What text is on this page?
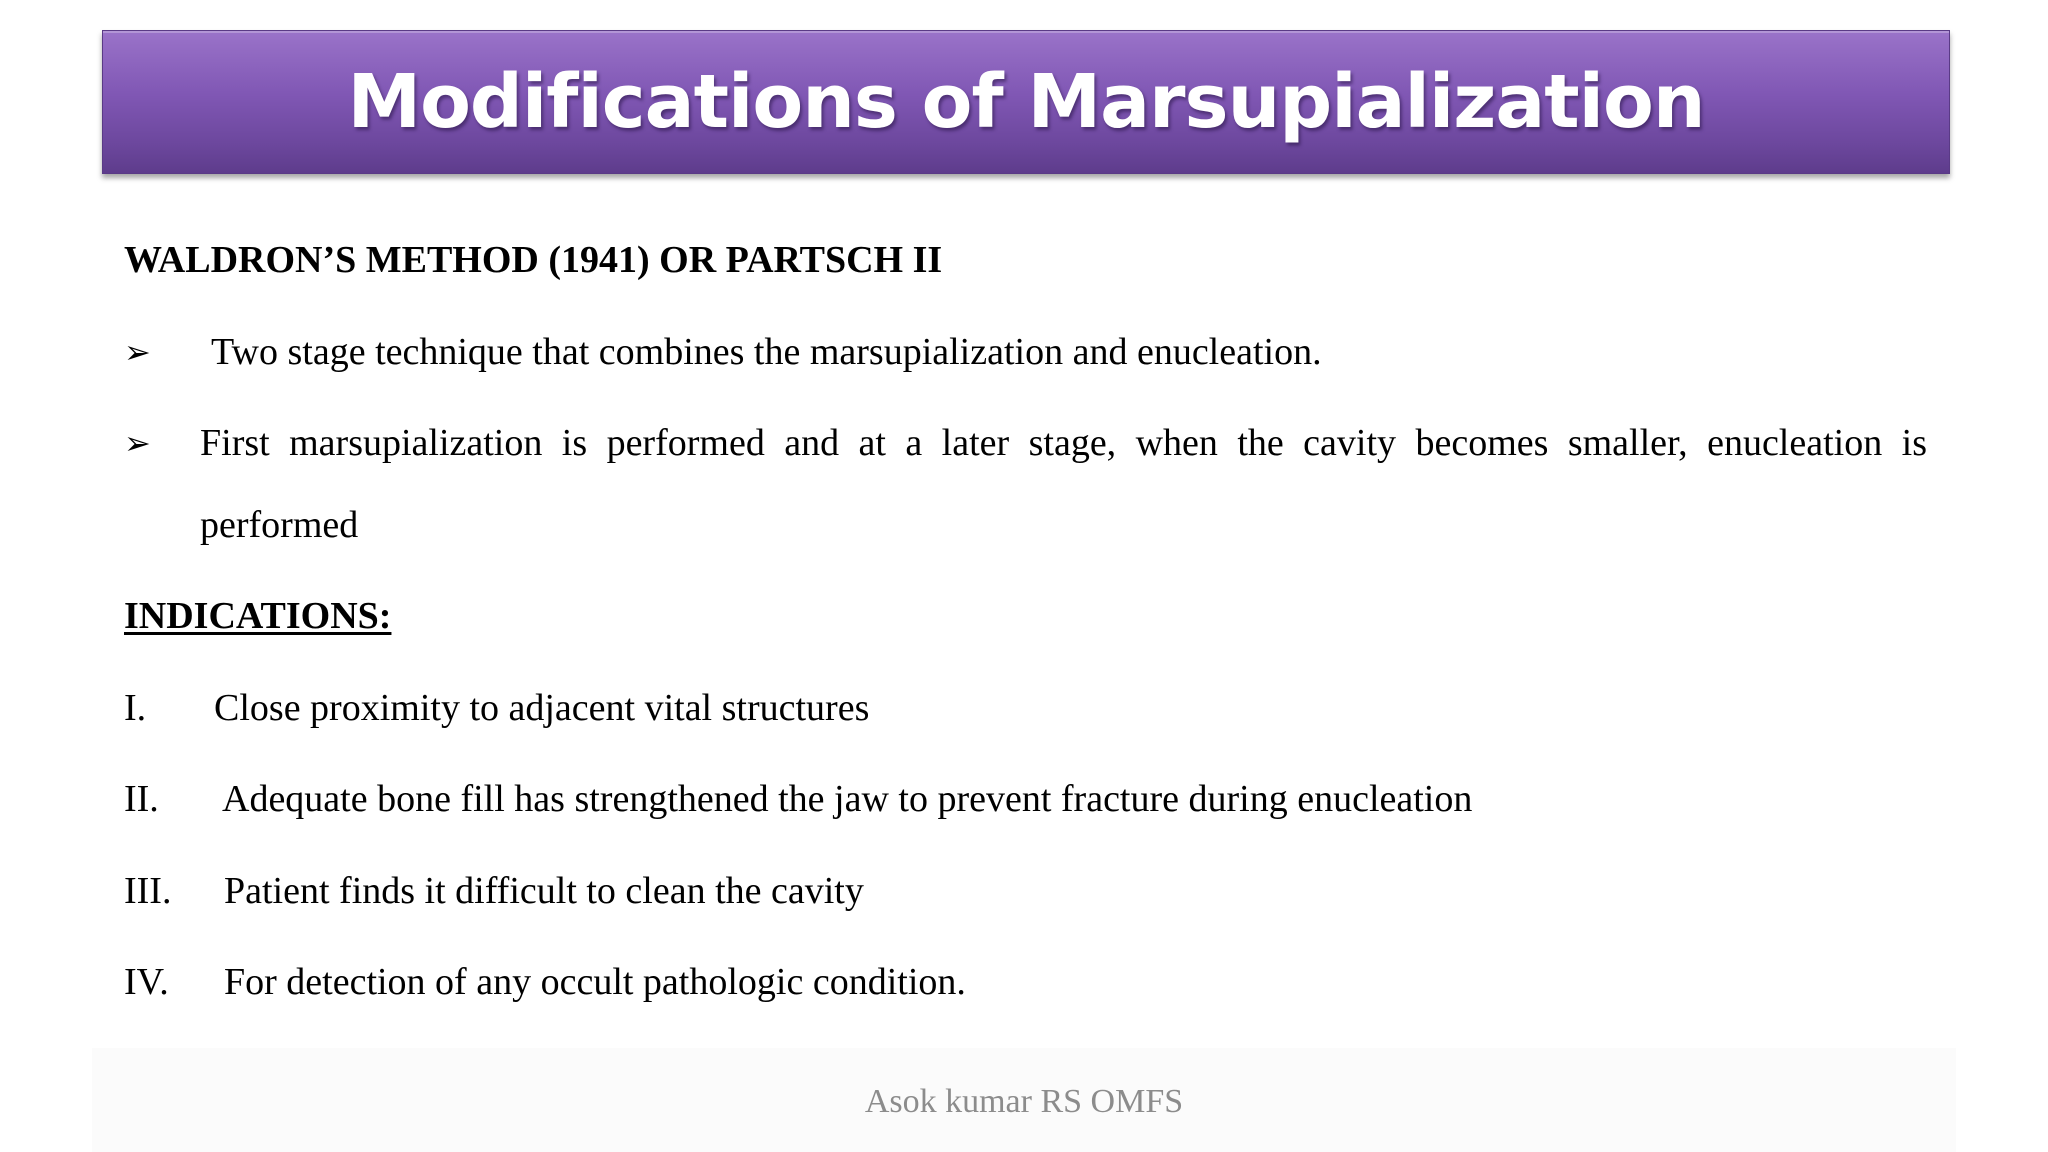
Modifications of Marsupialization
WALDRON’S METHOD (1941) OR PARTSCH II
➢ Two stage technique that combines the marsupialization and enucleation.
➢ First marsupialization is performed and at a later stage, when the cavity becomes smaller, enucleation is
performed
INDICATIONS:
I. Close proximity to adjacent vital structures
II. Adequate bone fill has strengthened the jaw to prevent fracture during enucleation
III. Patient finds it difficult to clean the cavity
IV. For detection of any occult pathologic condition.
Asok kumar RS OMFS
